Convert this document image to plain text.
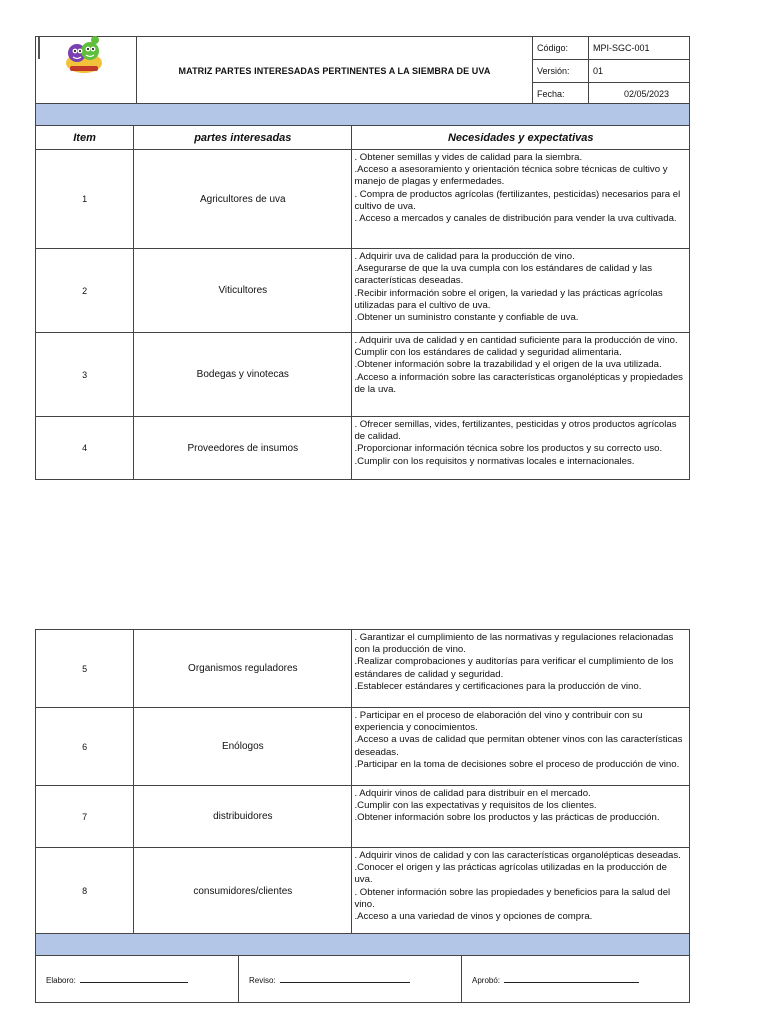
	MATRIZ PARTES INTERESADAS PERTINENTES A LA SIEMBRA DE UVA	Código:	MPI-SGC-001
		Versión:	01
		Fecha:	02/05/2023
Item	partes interesadas	Necesidades y expectativas
1	Agricultores de uva	. Obtener semillas y vides de calidad para la siembra.
.Acceso a asesoramiento y orientación técnica sobre técnicas de cultivo y manejo de plagas y enfermedades.
. Compra de productos agrícolas (fertilizantes, pesticidas) necesarios para el cultivo de uva.
. Acceso a mercados y canales de distribución para vender la uva cultivada.

2	Viticultores	. Adquirir uva de calidad para la producción de vino.
.Asegurarse de que la uva cumpla con los estándares de calidad y las características deseadas.
.Recibir información sobre el origen, la variedad y las prácticas agrícolas utilizadas para el cultivo de uva.
.Obtener un suministro constante y confiable de uva.

3	Bodegas y vinotecas	. Adquirir uva de calidad y en cantidad suficiente para la producción de vino.
Cumplir con los estándares de calidad y seguridad alimentaria.
.Obtener información sobre la trazabilidad y el origen de la uva utilizada.
.Acceso a información sobre las características organolépticas y propiedades de la uva.

4	Proveedores de insumos	. Ofrecer semillas, vides, fertilizantes, pesticidas y otros productos agrícolas de calidad.
.Proporcionar información técnica sobre los productos y su correcto uso.
.Cumplir con los requisitos y normativas locales e internacionales.
5	Organismos reguladores	. Garantizar el cumplimiento de las normativas y regulaciones relacionadas con la producción de vino.
.Realizar comprobaciones y auditorías para verificar el cumplimiento de los estándares de calidad y seguridad.
.Establecer estándares y certificaciones para la producción de vino.

6	Enólogos	. Participar en el proceso de elaboración del vino y contribuir con su experiencia y conocimientos.
.Acceso a uvas de calidad que permitan obtener vinos con las características deseadas.
.Participar en la toma de decisiones sobre el proceso de producción de vino.

7	distribuidores	. Adquirir vinos de calidad para distribuir en el mercado.
.Cumplir con las expectativas y requisitos de los clientes.
.Obtener información sobre los productos y las prácticas de producción.

8	consumidores/clientes	. Adquirir vinos de calidad y con las características organolépticas deseadas.
.Conocer el origen y las prácticas agrícolas utilizadas en la producción de uva.
. Obtener información sobre las propiedades y beneficios para la salud del vino.
.Acceso a una variedad de vinos y opciones de compra.
Elaboro:	Reviso:	Aprobó:
